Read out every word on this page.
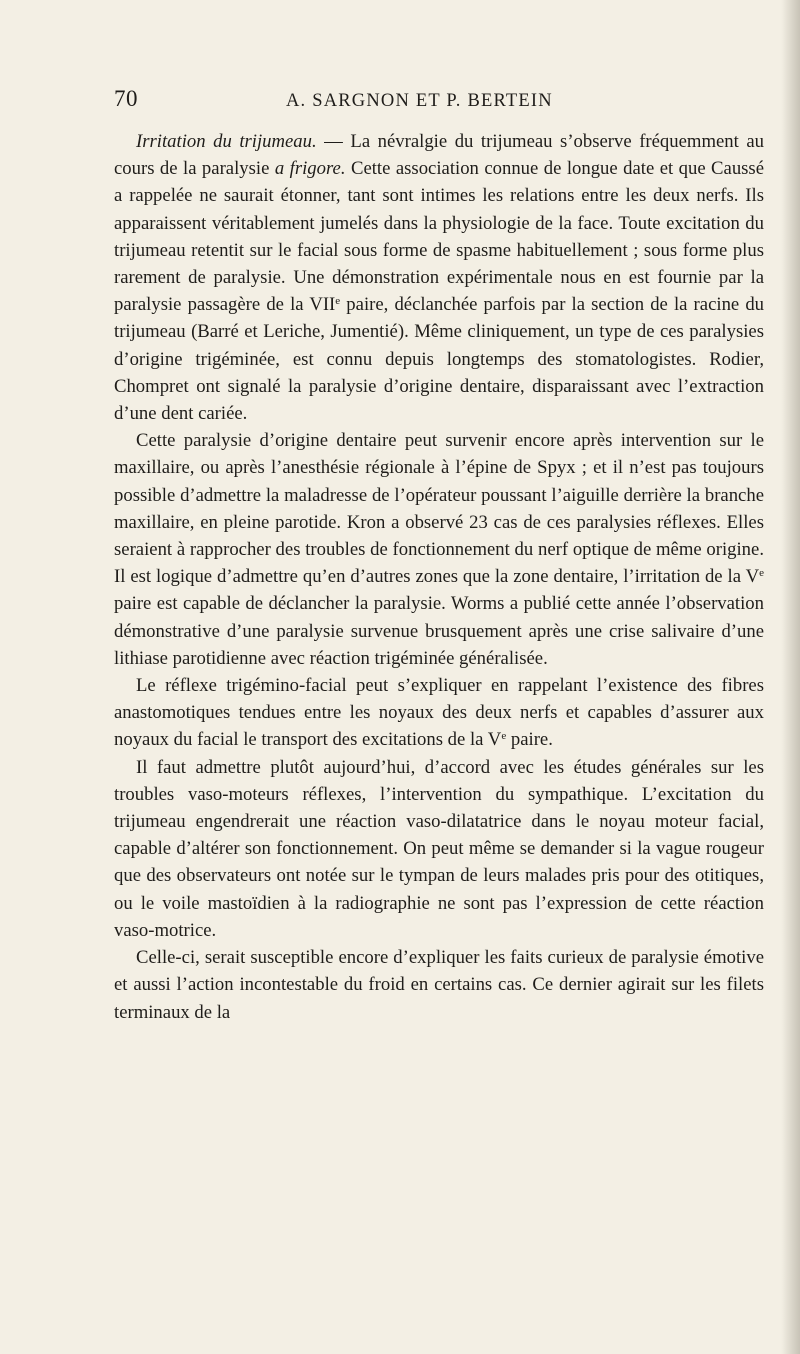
70	A. SARGNON ET P. BERTEIN

Irritation du trijumeau. — La névralgie du trijumeau s’observe fréquemment au cours de la paralysie a frigore. Cette association connue de longue date et que Caussé a rappelée ne saurait étonner, tant sont intimes les relations entre les deux nerfs. Ils apparaissent véritablement jumelés dans la physiologie de la face. Toute excitation du trijumeau retentit sur le facial sous forme de spasme habituellement ; sous forme plus rarement de paralysie. Une démonstration expérimentale nous en est fournie par la paralysie passagère de la VIIe paire, déclanchée parfois par la section de la racine du trijumeau (Barré et Leriche, Jumentié). Même cliniquement, un type de ces paralysies d’origine trigéminée, est connu depuis longtemps des stomatologistes. Rodier, Chompret ont signalé la paralysie d’origine dentaire, disparaissant avec l’extraction d’une dent cariée.

Cette paralysie d’origine dentaire peut survenir encore après intervention sur le maxillaire, ou après l’anesthésie régionale à l’épine de Spyx ; et il n’est pas toujours possible d’admettre la maladresse de l’opérateur poussant l’aiguille derrière la branche maxillaire, en pleine parotide. Kron a observé 23 cas de ces paralysies réflexes. Elles seraient à rapprocher des troubles de fonctionnement du nerf optique de même origine. Il est logique d’admettre qu’en d’autres zones que la zone dentaire, l’irritation de la Ve paire est capable de déclancher la paralysie. Worms a publié cette année l’observation démonstrative d’une paralysie survenue brusquement après une crise salivaire d’une lithiase parotidienne avec réaction trigéminée généralisée.

Le réflexe trigémino-facial peut s’expliquer en rappelant l’existence des fibres anastomotiques tendues entre les noyaux des deux nerfs et capables d’assurer aux noyaux du facial le transport des excitations de la Ve paire.

Il faut admettre plutôt aujourd’hui, d’accord avec les études générales sur les troubles vaso-moteurs réflexes, l’intervention du sympathique. L’excitation du trijumeau engendrerait une réaction vaso-dilatatrice dans le noyau moteur facial, capable d’altérer son fonctionnement. On peut même se demander si la vague rougeur que des observateurs ont notée sur le tympan de leurs malades pris pour des otitiques, ou le voile mastoïdien à la radiographie ne sont pas l’expression de cette réaction vaso-motrice.

Celle-ci, serait susceptible encore d’expliquer les faits curieux de paralysie émotive et aussi l’action incontestable du froid en certains cas. Ce dernier agirait sur les filets terminaux de la
